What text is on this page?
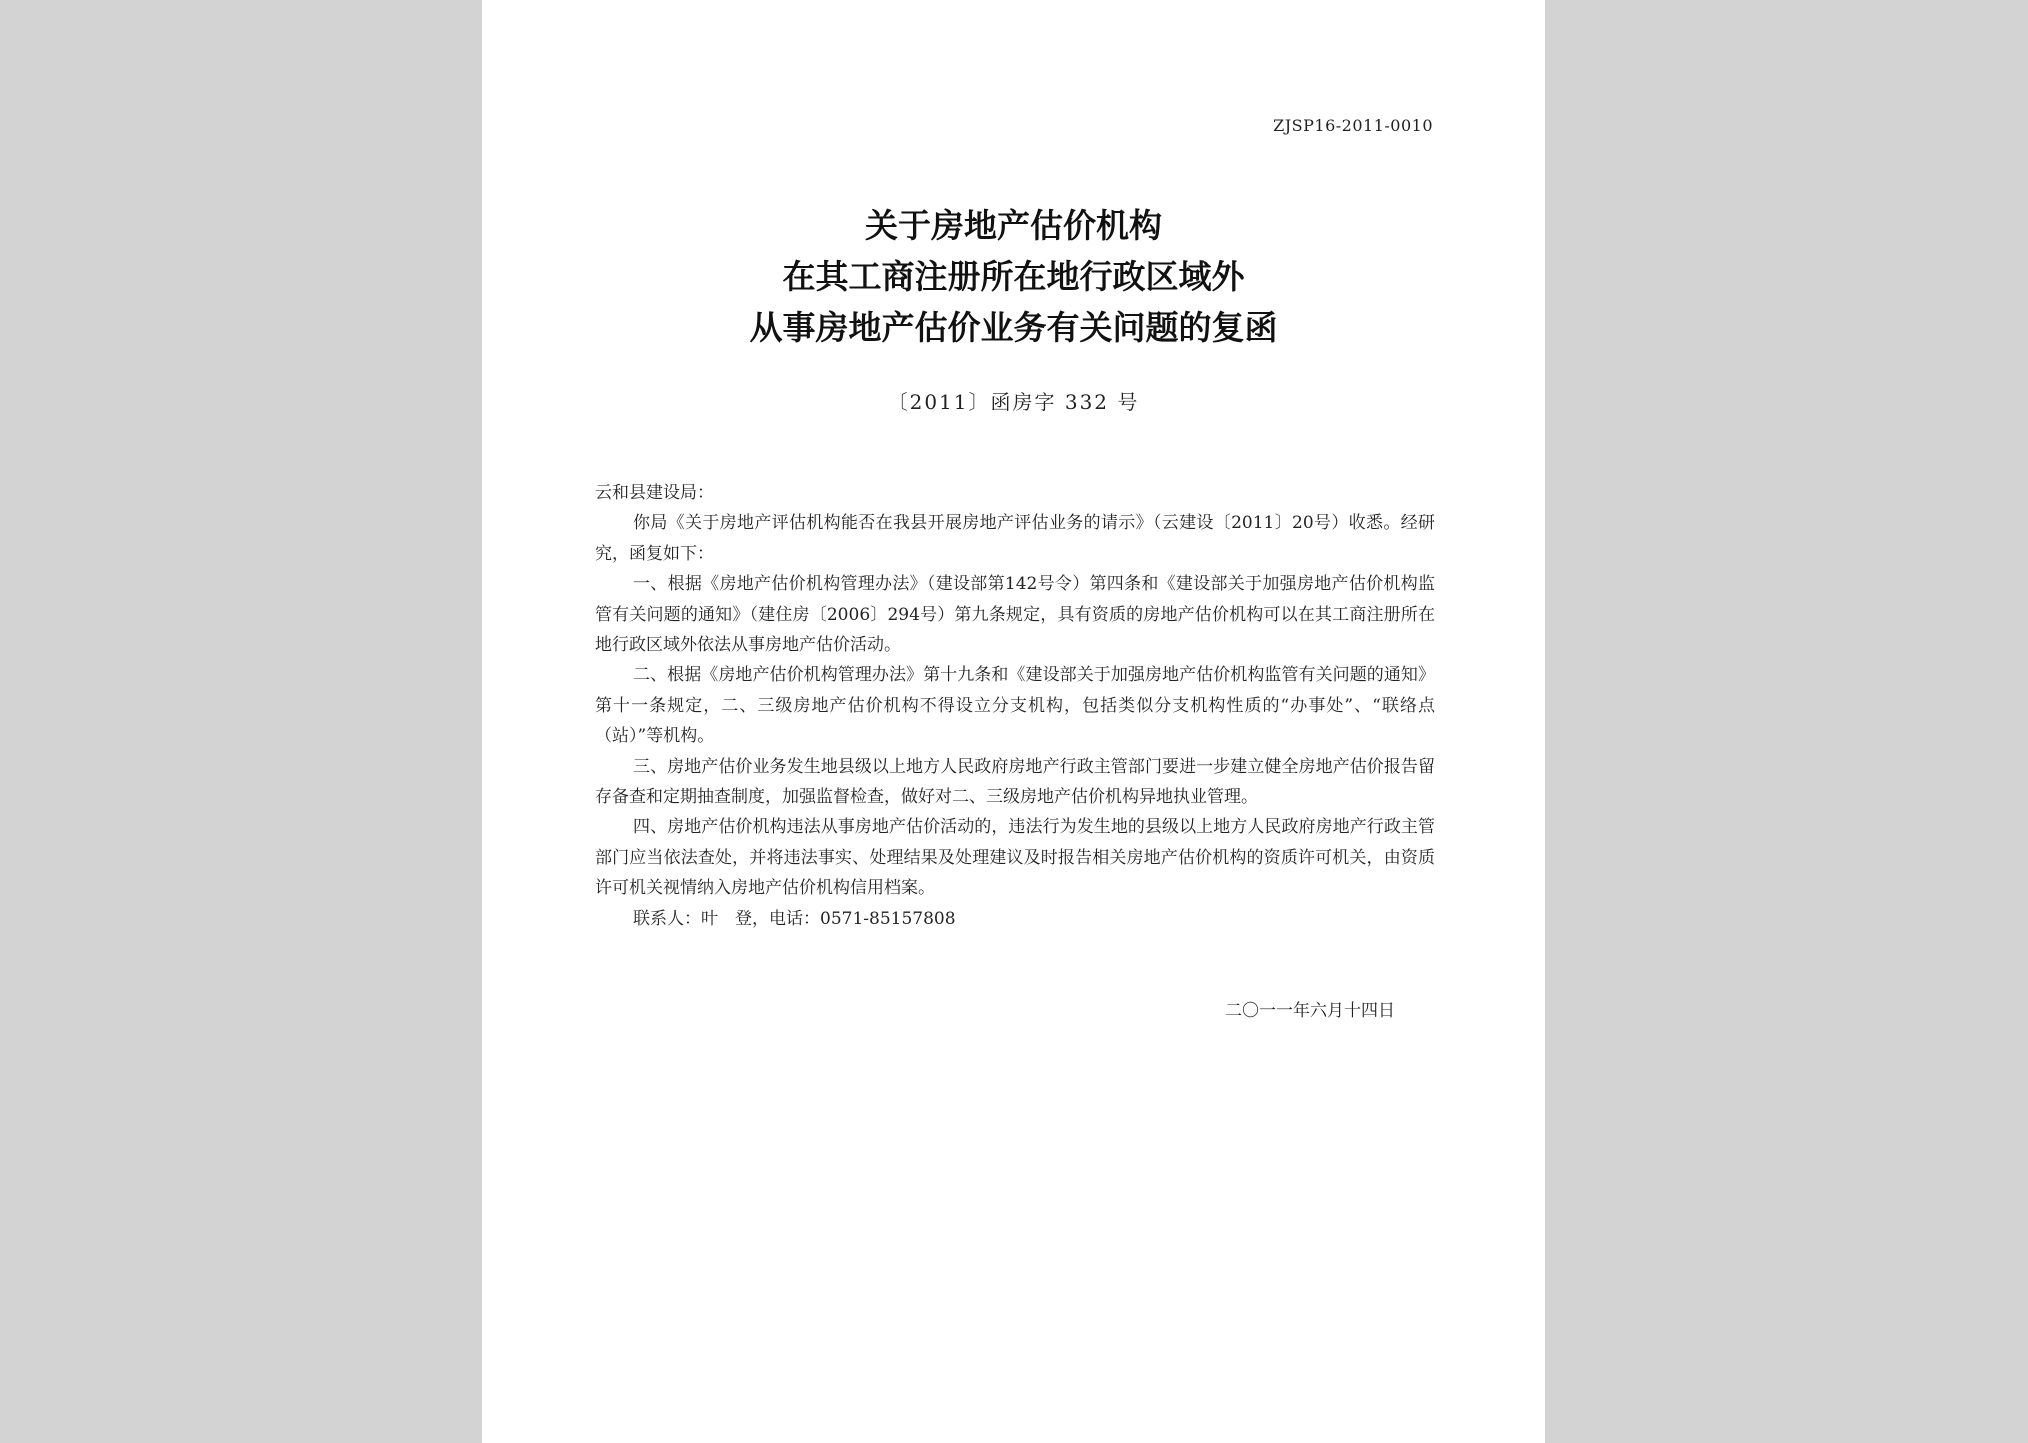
ZJSP16-2011-0010
关于房地产估价机构
在其工商注册所在地行政区域外
从事房地产估价业务有关问题的复函
〔2011〕函房字 332 号

云和县建设局：

你局《关于房地产评估机构能否在我县开展房地产评估业务的请示》（云建设〔2011〕20号）收悉。经研究，函复如下：

一、根据《房地产估价机构管理办法》（建设部第142号令）第四条和《建设部关于加强房地产估价机构监管有关问题的通知》（建住房〔2006〕294号）第九条规定，具有资质的房地产估价机构可以在其工商注册所在地行政区域外依法从事房地产估价活动。

二、根据《房地产估价机构管理办法》第十九条和《建设部关于加强房地产估价机构监管有关问题的通知》第十一条规定，二、三级房地产估价机构不得设立分支机构，包括类似分支机构性质的“办事处”、“联络点（站）”等机构。

三、房地产估价业务发生地县级以上地方人民政府房地产行政主管部门要进一步建立健全房地产估价报告留存备查和定期抽查制度，加强监督检查，做好对二、三级房地产估价机构异地执业管理。

四、房地产估价机构违法从事房地产估价活动的，违法行为发生地的县级以上地方人民政府房地产行政主管部门应当依法查处，并将违法事实、处理结果及处理建议及时报告相关房地产估价机构的资质许可机关，由资质许可机关视情纳入房地产估价机构信用档案。

联系人：叶　登，电话：0571-85157808

二〇一一年六月十四日
